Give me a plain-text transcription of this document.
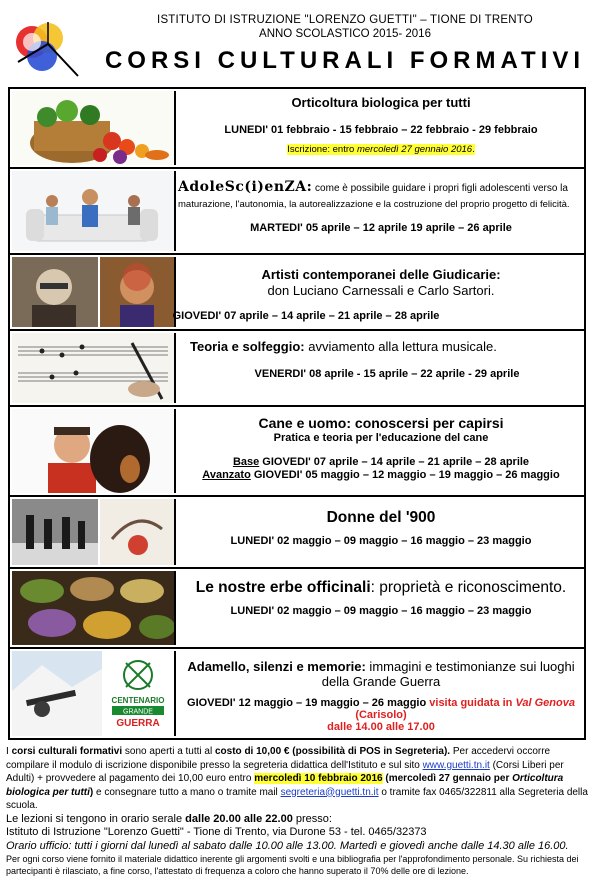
ISTITUTO DI ISTRUZIONE "LORENZO GUETTI" – TIONE DI TRENTO
ANNO SCOLASTICO 2015- 2016
CORSI CULTURALI FORMATIVI
Orticoltura biologica per tutti
LUNEDI' 01 febbraio - 15 febbraio – 22 febbraio - 29 febbraio
Iscrizione: entro mercoledì 27 gennaio 2016.
AdoleSc(i)enZA: come è possibile guidare i propri figli adolescenti verso la
maturazione, l'autonomia, la autorealizzazione e la costruzione del proprio progetto di felicità.
MARTEDI' 05 aprile – 12 aprile 19 aprile – 26 aprile
Artisti contemporanei delle Giudicarie:
don Luciano Carnessali e Carlo Sartori.
GIOVEDI' 07 aprile – 14 aprile – 21 aprile – 28 aprile
Teoria e solfeggio: avviamento alla lettura musicale.
VENERDI' 08 aprile - 15 aprile – 22 aprile - 29 aprile
Cane e uomo: conoscersi per capirsi
Pratica e teoria per l'educazione del cane
Base GIOVEDI' 07 aprile – 14 aprile – 21 aprile – 28 aprile
Avanzato GIOVEDI' 05 maggio – 12 maggio – 19 maggio – 26 maggio
Donne del '900
LUNEDI' 02 maggio – 09 maggio – 16 maggio – 23 maggio
Le nostre erbe officinali: proprietà e riconoscimento.
LUNEDI' 02 maggio – 09 maggio – 16 maggio – 23 maggio
CENTENARIO
GRANDE
GUERRA
Adamello, silenzi e memorie: immagini e testimonianze sui luoghi
della Grande Guerra
GIOVEDI' 12 maggio – 19 maggio – 26 maggio visita guidata in Val Genova (Carisolo)
dalle 14.00 alle 17.00

I corsi culturali formativi sono aperti a tutti al costo di 10,00 € (possibilità di POS in Segreteria). Per accedervi occorre compilare il modulo di iscrizione disponibile presso la segreteria didattica dell'Istituto e sul sito www.guetti.tn.it (Corsi Liberi per Adulti) + provvedere al pagamento dei 10,00 euro entro mercoledì 10 febbraio 2016 (mercoledì 27 gennaio per Orticoltura biologica per tutti) e consegnare tutto a mano o tramite mail segreteria@guetti.tn.it o tramite fax 0465/322811 alla Segreteria della scuola.

Le lezioni si tengono in orario serale dalle 20.00 alle 22.00 presso:

Istituto di Istruzione "Lorenzo Guetti" - Tione di Trento, via Durone 53 - tel. 0465/32373

Orario ufficio: tutti i giorni dal lunedì al sabato dalle 10.00 alle 13.00. Martedì e giovedì anche dalle 14.30 alle 16.00.

Per ogni corso viene fornito il materiale didattico inerente gli argomenti svolti e una bibliografia per l'approfondimento personale. Su richiesta dei partecipanti è rilasciato, a fine corso, l'attestato di frequenza a coloro che hanno superato il 70% delle ore di lezione.
